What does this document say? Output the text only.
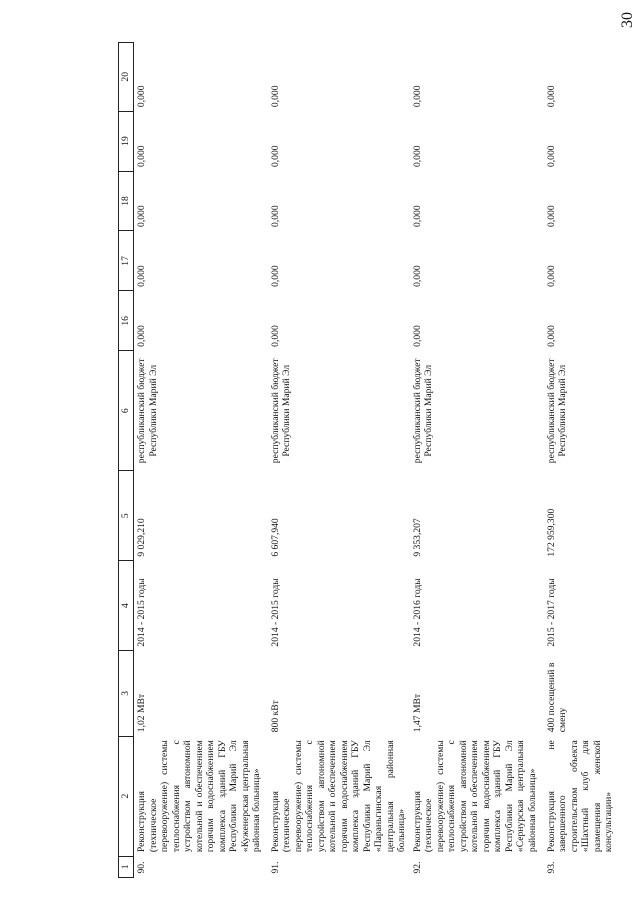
30
1	2	3	4	5	6	16	17	18	19	20
90.	Реконструкция (техническое перевооружение) системы теплоснабжения с устройством автономной котельной и обеспечением горячим водоснабжением комплекса зданий ГБУ Республики Марий Эл «Куженерская центральная районная больница»	1,02 МВт	2014 - 2015 годы	9 029,210	республиканский бюджет Республики Марий Эл	0,000	0,000	0,000	0,000	0,000
91.	Реконструкция (техническое перевооружение) системы теплоснабжения с устройством автономной котельной и обеспечением горячим водоснабжением комплекса зданий ГБУ Республики Марий Эл «Параньгинская центральная районная больница»	800 кВт	2014 - 2015 годы	6 607,940	республиканский бюджет Республики Марий Эл	0,000	0,000	0,000	0,000	0,000
92.	Реконструкция (техническое перевооружение) системы теплоснабжения с устройством автономной котельной и обеспечением горячим водоснабжением комплекса зданий ГБУ Республики Марий Эл «Сернурская центральная районная больница»	1,47 МВт	2014 - 2016 годы	9 353,207	республиканский бюджет Республики Марий Эл	0,000	0,000	0,000	0,000	0,000
93.	Реконструкция не завершенного строительством объекта «Шахтный клуб для размещения женской консультации»	400 посещений в смену	2015 - 2017 годы	172 959,300	республиканский бюджет Республики Марий Эл	0,000	0,000	0,000	0,000	0,000
